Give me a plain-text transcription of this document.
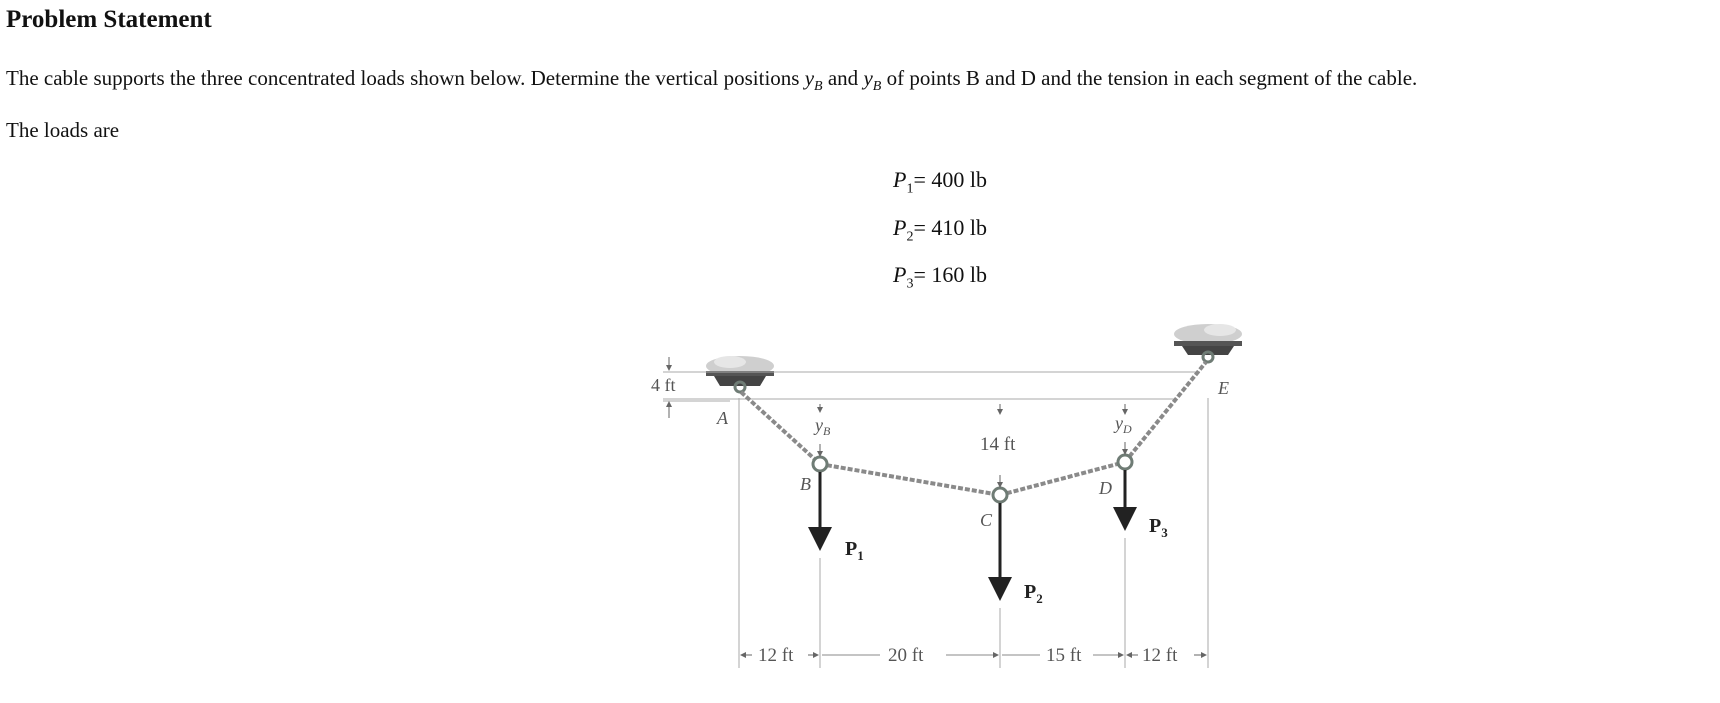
Problem Statement

The cable supports the three concentrated loads shown below. Determine the vertical positions $y_B$ and $y_B$ of points B and D and the tension in each segment of the cable.

The loads are

$P_1= 400$ lb

$P_2= 410$ lb

$P_3= 160$ lb

4 ft
$y_B$
14 ft
$y_D$
A
B
C
D
E
$P_1$
$P_2$
$P_3$
12 ft	20 ft	15 ft	12 ft
